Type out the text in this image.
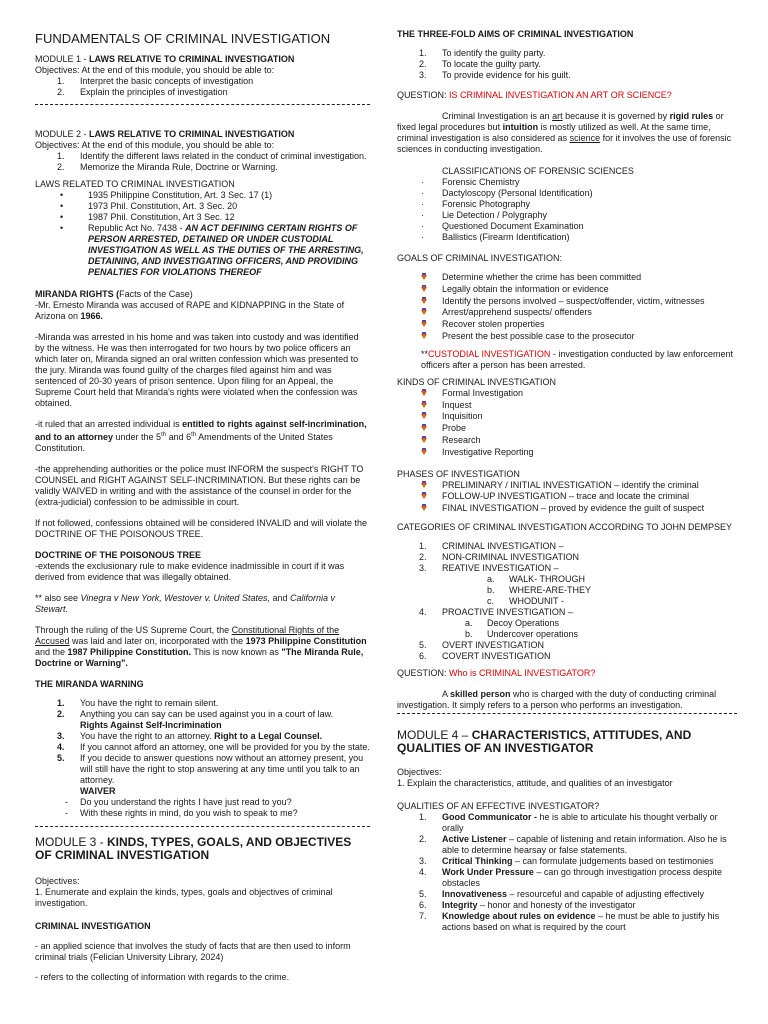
FUNDAMENTALS OF CRIMINAL INVESTIGATION

MODULE 1 - LAWS RELATIVE TO CRIMINAL INVESTIGATION

Objectives: At the end of this module, you should be able to:

1. Interpret the basic concepts of investigation
2. Explain the principles of investigation

MODULE 2 - LAWS RELATIVE TO CRIMINAL INVESTIGATION

Objectives: At the end of this module, you should be able to:

1. Identify the different laws related in the conduct of criminal investigation.
2. Memorize the Miranda Rule, Doctrine or Warning.

LAWS RELATED TO CRIMINAL INVESTIGATION

• 1935 Philippine Constitution, Art. 3 Sec. 17 (1)
• 1973 Phil. Constitution, Art. 3 Sec. 20
• 1987 Phil. Constitution, Art 3 Sec. 12
• Republic Act No. 7438 - AN ACT DEFINING CERTAIN RIGHTS OF PERSON ARRESTED, DETAINED OR UNDER CUSTODIAL INVESTIGATION AS WELL AS THE DUTIES OF THE ARRESTING, DETAINING, AND INVESTIGATING OFFICERS, AND PROVIDING PENALTIES FOR VIOLATIONS THEREOF

MIRANDA RIGHTS (Facts of the Case)

-Mr. Ernesto Miranda was accused of RAPE and KIDNAPPING in the State of Arizona on 1966.

-Miranda was arrested in his home and was taken into custody and was identified by the witness. He was then interrogated for two hours by two police officers an which later on, Miranda signed an oral written confession which was presented to the jury. Miranda was found guilty of the charges filed against him and was sentenced of 20-30 years of prison sentence. Upon filing for an Appeal, the Supreme Court held that Miranda's rights were violated when the confession was obtained.

-it ruled that an arrested individual is entitled to rights against self-incrimination, and to an attorney under the 5th and 6th Amendments of the United States Constitution.

-the apprehending authorities or the police must INFORM the suspect's RIGHT TO COUNSEL and RIGHT AGAINST SELF-INCRIMINATION. But these rights can be validly WAIVED in writing and with the assistance of the counsel in order for the (extra-judicial) confession to be admissible in court.

If not followed, confessions obtained will be considered INVALID and will violate the DOCTRINE OF THE POISONOUS TREE.

DOCTRINE OF THE POISONOUS TREE

-extends the exclusionary rule to make evidence inadmissible in court if it was derived from evidence that was illegally obtained.

** also see Vinegra v New York, Westover v. United States, and California v Stewart.

Through the ruling of the US Supreme Court, the Constitutional Rights of the Accused was laid and later on, incorporated with the 1973 Philippine Constitution and the 1987 Philippine Constitution. This is now known as "The Miranda Rule, Doctrine or Warning".

THE MIRANDA WARNING

1. You have the right to remain silent.
2. Anything you can say can be used against you in a court of law.
Rights Against Self-Incrimination
3. You have the right to an attorney. Right to a Legal Counsel.
4. If you cannot afford an attorney, one will be provided for you by the state.
5. If you decide to answer questions now without an attorney present, you will still have the right to stop answering at any time until you talk to an attorney.
WAIVER
- Do you understand the rights I have just read to you?
- With these rights in mind, do you wish to speak to me?

MODULE 3 - KINDS, TYPES, GOALS, AND OBJECTIVES OF CRIMINAL INVESTIGATION

Objectives:

1. Enumerate and explain the kinds, types, goals and objectives of criminal investigation.

CRIMINAL INVESTIGATION

- an applied science that involves the study of facts that are then used to inform criminal trials (Felician University Library, 2024)

- refers to the collecting of information with regards to the crime.

THE THREE-FOLD AIMS OF CRIMINAL INVESTIGATION

1. To identify the guilty party.
2. To locate the guilty party.
3. To provide evidence for his guilt.

QUESTION: IS CRIMINAL INVESTIGATION AN ART OR SCIENCE?

Criminal Investigation is an art because it is governed by rigid rules or fixed legal procedures but intuition is mostly utilized as well. At the same time, criminal investigation is also considered as science for it involves the use of forensic sciences in conducting investigation.

CLASSIFICATIONS OF FORENSIC SCIENCES

· Forensic Chemistry
· Dactyloscopy (Personal Identification)
· Forensic Photography
· Lie Detection / Polygraphy
· Questioned Document Examination
· Ballistics (Firearm Identification)

GOALS OF CRIMINAL INVESTIGATION:

Determine whether the crime has been committed
Legally obtain the information or evidence
Identify the persons involved – suspect/offender, victim, witnesses
Arrest/apprehend suspects/ offenders
Recover stolen properties
Present the best possible case to the prosecutor

**CUSTODIAL INVESTIGATION - investigation conducted by law enforcement officers after a person has been arrested.

KINDS OF CRIMINAL INVESTIGATION

Formal Investigation
Inquest
Inquisition
Probe
Research
Investigative Reporting

PHASES OF INVESTIGATION

PRELIMINARY / INITIAL INVESTIGATION – identify the criminal
FOLLOW-UP INVESTIGATION – trace and locate the criminal
FINAL INVESTIGATION – proved by evidence the guilt of suspect

CATEGORIES OF CRIMINAL INVESTIGATION ACCORDING TO JOHN DEMPSEY

1. CRIMINAL INVESTIGATION –
2. NON-CRIMINAL INVESTIGATION
3. REATIVE INVESTIGATION –
a. WALK- THROUGH
b. WHERE-ARE-THEY
c. WHODUNIT -
4. PROACTIVE INVESTIGATION –
a. Decoy Operations
b. Undercover operations
5. OVERT INVESTIGATION
6. COVERT INVESTIGATION

QUESTION: Who is CRIMINAL INVESTIGATOR?

A skilled person who is charged with the duty of conducting criminal investigation. It simply refers to a person who performs an investigation.

MODULE 4 – CHARACTERISTICS, ATTITUDES, AND QUALITIES OF AN INVESTIGATOR

Objectives:

1. Explain the characteristics, attitude, and qualities of an investigator

QUALITIES OF AN EFFECTIVE INVESTIGATOR?

1. Good Communicator - he is able to articulate his thought verbally or orally
2. Active Listener – capable of listening and retain information. Also he is able to determine hearsay or false statements.
3. Critical Thinking – can formulate judgements based on testimonies
4. Work Under Pressure – can go through investigation process despite obstacles
5. Innovativeness – resourceful and capable of adjusting effectively
6. Integrity – honor and honesty of the investigator
7. Knowledge about rules on evidence – he must be able to justify his actions based on what is required by the court
